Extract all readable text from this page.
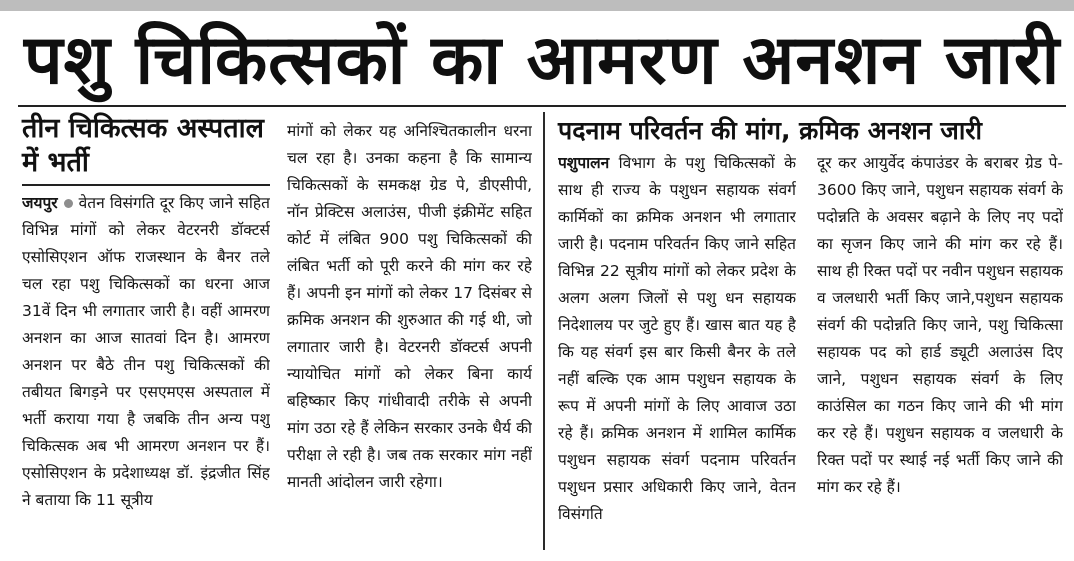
पशु चिकित्सकों का आमरण अनशन जारी
तीन चिकित्सक अस्पताल में भर्ती
जयपुर वेतन विसंगति दूर किए जाने सहित विभिन्न मांगों को लेकर वेटरनरी डॉक्टर्स एसोसिएशन ऑफ राजस्थान के बैनर तले चल रहा पशु चिकित्सकों का धरना आज 31वें दिन भी लगातार जारी है। वहीं आमरण अनशन का आज सातवां दिन है। आमरण अनशन पर बैठे तीन पशु चिकित्सकों की तबीयत बिगड़ने पर एसएमएस अस्पताल में भर्ती कराया गया है जबकि तीन अन्य पशु चिकित्सक अब भी आमरण अनशन पर हैं। एसोसिएशन के प्रदेशाध्यक्ष डॉ. इंद्रजीत सिंह ने बताया कि 11 सूत्रीय
मांगों को लेकर यह अनिश्चितकालीन धरना चल रहा है। उनका कहना है कि सामान्य चिकित्सकों के समकक्ष ग्रेड पे, डीएसीपी, नॉन प्रेक्टिस अलाउंस, पीजी इंक्रीमेंट सहित कोर्ट में लंबित 900 पशु चिकित्सकों की लंबित भर्ती को पूरी करने की मांग कर रहे हैं। अपनी इन मांगों को लेकर 17 दिसंबर से क्रमिक अनशन की शुरुआत की गई थी, जो लगातार जारी है। वेटरनरी डॉक्टर्स अपनी न्यायोचित मांगों को लेकर बिना कार्य बहिष्कार किए गांधीवादी तरीके से अपनी मांग उठा रहे हैं लेकिन सरकार उनके धैर्य की परीक्षा ले रही है। जब तक सरकार मांग नहीं मानती आंदोलन जारी रहेगा।
पदनाम परिवर्तन की मांग, क्रमिक अनशन जारी
पशुपालन विभाग के पशु चिकित्सकों के साथ ही राज्य के पशुधन सहायक संवर्ग कार्मिकों का क्रमिक अनशन भी लगातार जारी है। पदनाम परिवर्तन किए जाने सहित विभिन्न 22 सूत्रीय मांगों को लेकर प्रदेश के अलग अलग जिलों से पशु धन सहायक निदेशालय पर जुटे हुए हैं। खास बात यह है कि यह संवर्ग इस बार किसी बैनर के तले नहीं बल्कि एक आम पशुधन सहायक के रूप में अपनी मांगों के लिए आवाज उठा रहे हैं। क्रमिक अनशन में शामिल कार्मिक पशुधन सहायक संवर्ग पदनाम परिवर्तन पशुधन प्रसार अधिकारी किए जाने, वेतन विसंगति
दूर कर आयुर्वेद कंपाउंडर के बराबर ग्रेड पे- 3600 किए जाने, पशुधन सहायक संवर्ग के पदोन्नति के अवसर बढ़ाने के लिए नए पदों का सृजन किए जाने की मांग कर रहे हैं। साथ ही रिक्त पदों पर नवीन पशुधन सहायक व जलधारी भर्ती किए जाने,पशुधन सहायक संवर्ग की पदोन्नति किए जाने, पशु चिकित्सा सहायक पद को हार्ड ड्यूटी अलाउंस दिए जाने, पशुधन सहायक संवर्ग के लिए काउंसिल का गठन किए जाने की भी मांग कर रहे हैं। पशुधन सहायक व जलधारी के रिक्त पदों पर स्थाई नई भर्ती किए जाने की मांग कर रहे हैं।
